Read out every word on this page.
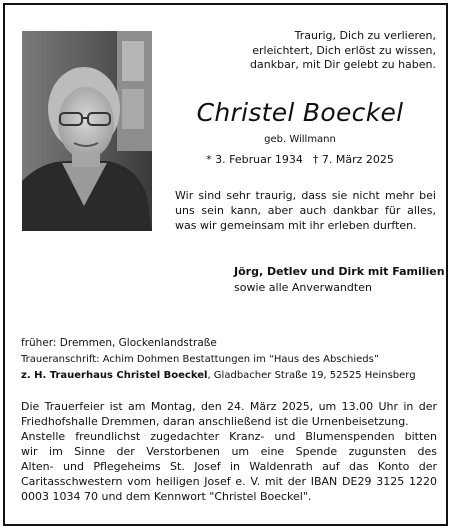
Traurig, Dich zu verlieren,
erleichtert, Dich erlöst zu wissen,
dankbar, mit Dir gelebt zu haben.
Christel Boeckel
geb. Willmann
* 3. Februar 1934 † 7. März 2025
Wir sind sehr traurig, dass sie nicht mehr bei
uns sein kann, aber auch dankbar für alles,
was wir gemeinsam mit ihr erleben durften.
Jörg, Detlev und Dirk mit Familien
sowie alle Anverwandten
früher: Dremmen, Glockenlandstraße
Traueranschrift: Achim Dohmen Bestattungen im “Haus des Abschieds”
z. H. Trauerhaus Christel Boeckel, Gladbacher Straße 19, 52525 Heinsberg
Die Trauerfeier ist am Montag, den 24. März 2025, um 13.00 Uhr in der
Friedhofshalle Dremmen, daran anschließend ist die Urnenbeisetzung.
Anstelle freundlichst zugedachter Kranz- und Blumenspenden bitten
wir im Sinne der Verstorbenen um eine Spende zugunsten des
Alten- und Pflegeheims St. Josef in Waldenrath auf das Konto der
Caritasschwestern vom heiligen Josef e. V. mit der IBAN DE29 3125 1220
0003 1034 70 und dem Kennwort "Christel Boeckel".
